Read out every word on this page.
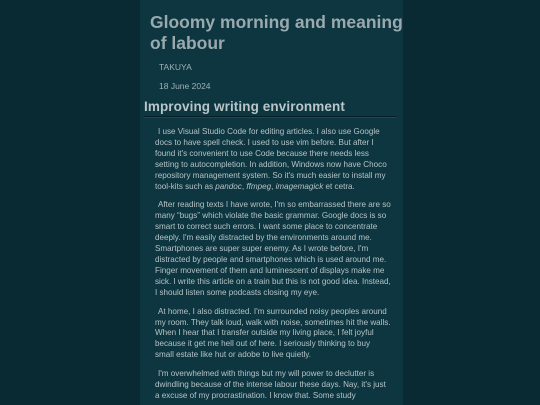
Gloomy morning and meaning of labour

TAKUYA

18 June 2024

Improving writing environment

I use Visual Studio Code for editing articles. I also use Google docs to have spell check. I used to use vim before. But after I found it's convenient to use Code because there needs less setting to autocompletion. In addition, Windows now have Choco repository management system. So it's much easier to install my tool-kits such as pandoc, ffmpeg, imagemagick et cetra.

After reading texts I have wrote, I'm so embarrassed there are so many “bugs” which violate the basic grammar. Google docs is so smart to correct such errors. I want some place to concentrate deeply. I'm easily distracted by the environments around me. Smartphones are super super enemy. As I wrote before, I'm distracted by people and smartphones which is used around me. Finger movement of them and luminescent of displays make me sick. I write this article on a train but this is not good idea. Instead, I should listen some podcasts closing my eye.

At home, I also distracted. I'm surrounded noisy peoples around my room. They talk loud, walk with noise, sometimes hit the walls. When I hear that I transfer outside my living place, I felt joyful because it get me hell out of here. I seriously thinking to buy small estate like hut or adobe to live quietly.

I'm overwhelmed with things but my will power to declutter is dwindling because of the intense labour these days. Nay, it's just a excuse of my procrastination. I know that. Some study
